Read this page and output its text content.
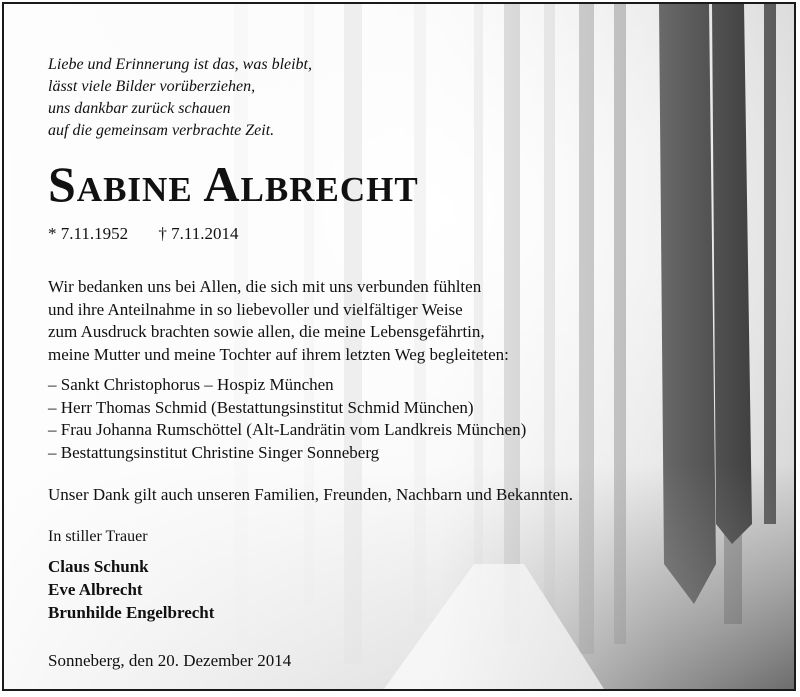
Liebe und Erinnerung ist das, was bleibt,
lässt viele Bilder vorüberziehen,
uns dankbar zurück schauen
auf die gemeinsam verbrachte Zeit.
Sabine Albrecht
* 7.11.1952 † 7.11.2014
Wir bedanken uns bei Allen, die sich mit uns verbunden fühlten
und ihre Anteilnahme in so liebevoller und vielfältiger Weise
zum Ausdruck brachten sowie allen, die meine Lebensgefährtin,
meine Mutter und meine Tochter auf ihrem letzten Weg begleiteten:
– Sankt Christophorus – Hospiz München
– Herr Thomas Schmid (Bestattungsinstitut Schmid München)
– Frau Johanna Rumschöttel (Alt-Landrätin vom Landkreis München)
– Bestattungsinstitut Christine Singer Sonneberg
Unser Dank gilt auch unseren Familien, Freunden, Nachbarn und Bekannten.
In stiller Trauer
Claus Schunk
Eve Albrecht
Brunhilde Engelbrecht
Sonneberg, den 20. Dezember 2014
